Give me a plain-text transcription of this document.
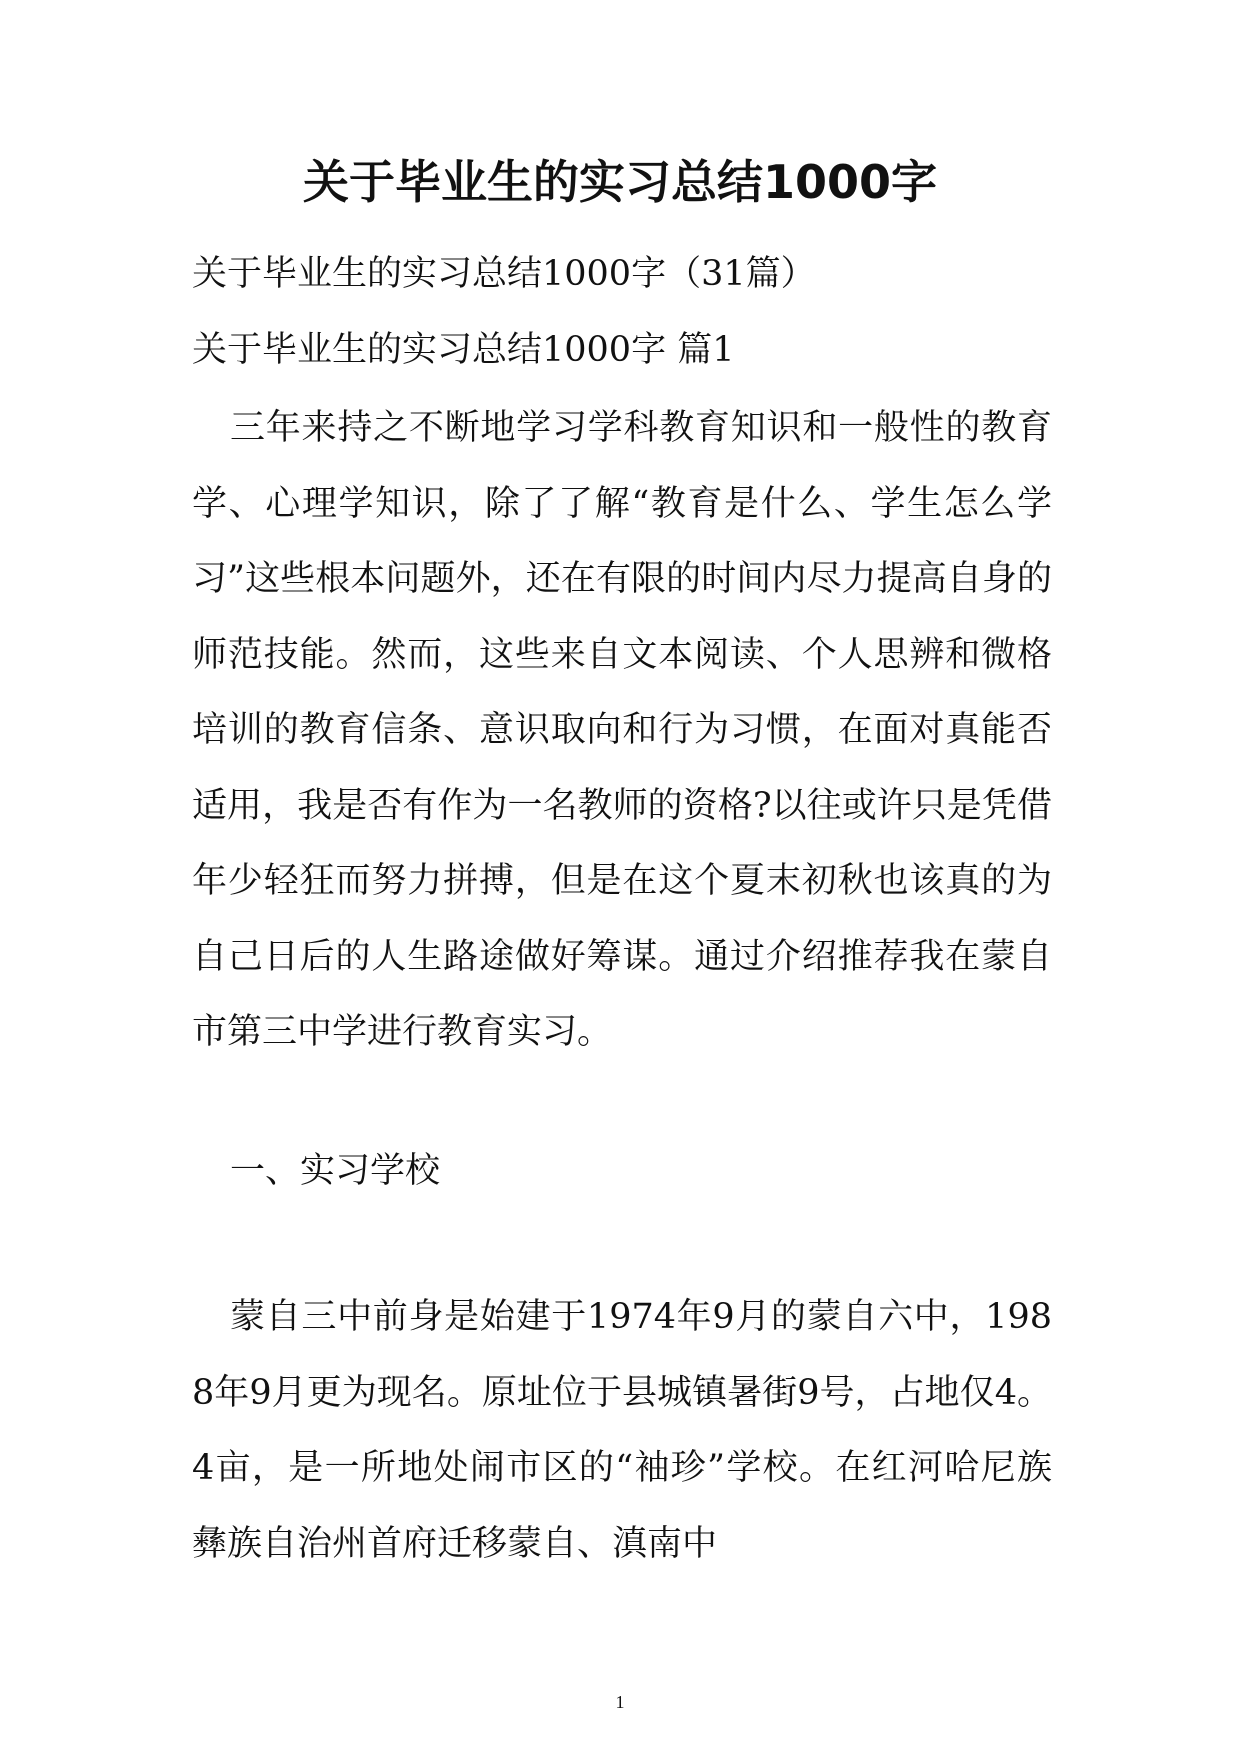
关于毕业生的实习总结1000字

关于毕业生的实习总结1000字（31篇）

关于毕业生的实习总结1000字 篇1

三年来持之不断地学习学科教育知识和一般性的教育学、心理学知识，除了了解“教育是什么、学生怎么学习”这些根本问题外，还在有限的时间内尽力提高自身的师范技能。然而，这些来自文本阅读、个人思辨和微格培训的教育信条、意识取向和行为习惯，在面对真能否适用，我是否有作为一名教师的资格?以往或许只是凭借年少轻狂而努力拼搏，但是在这个夏末初秋也该真的为自己日后的人生路途做好筹谋。通过介绍推荐我在蒙自市第三中学进行教育实习。

一、实习学校

蒙自三中前身是始建于1974年9月的蒙自六中，1988年9月更为现名。原址位于县城镇暑街9号，占地仅4。4亩，是一所地处闹市区的“袖珍”学校。在红河哈尼族彝族自治州首府迁移蒙自、滇南中

1
